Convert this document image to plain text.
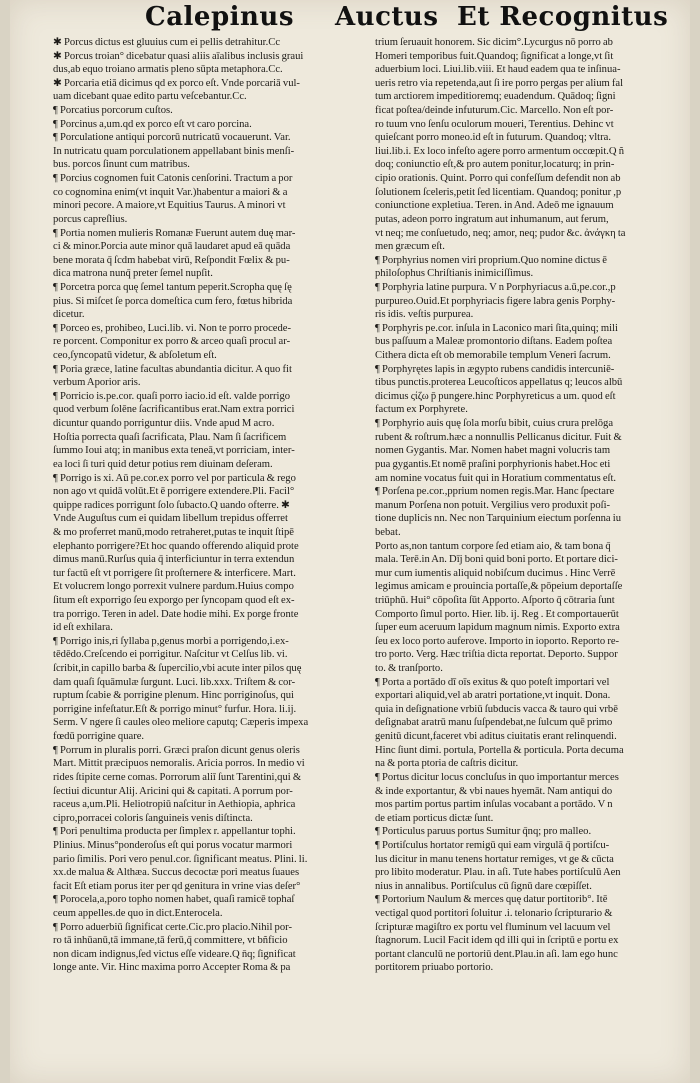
Calepinus Auctus Et Recognitus
✱ Porcus dictus est gluuius cum ei pellis detrahitur.Cc
✱ Porcus troian° dicebatur quasi aliis aīalibus inclusis graui
dus,ab equo troiano armatis pleno sūpta metaphora.Cc.
✱ Porcaria etiā dicimus qd ex porco eſt. Vnde porcariā vul-
uam dicebant quae edito partu veſcebantur.Cc.
¶ Porcatius porcorum cuſtos.
¶ Porcinus a,um.qd ex porco eſt vt caro porcina.
¶ Porculatione antiqui porcorū nutricatū vocauerunt. Var.
In nutricatu quam porculationem appellabant binis menſi-
bus. porcos ſinunt cum matribus.
¶ Porcius cognomen fuit Catonis cenſorini. Tractum a por
co cognomina enim(vt inquit Var.)habentur a maiori & a
minori pecore. A maiore,vt Equitius Taurus. A minori vt
porcus capreſlius.
¶ Portia nomen mulieris Romanæ Fuerunt autem duę mar-
ci & minor.Porcia aute minor quā laudaret apud eā quāda
bene morata q̄ ſcdm habebat virū, Reſpondit Fœlix & pu-
dica matrona nunq̄ preter ſemel nupſit.
¶ Porcetra porca quę ſemel tantum peperit.Scropha quę ſę
pius. Si miſcet ſe porca domeſtica cum fero, fœtus hibrida
dicetur.
¶ Porceo es, prohibeo, Luci.lib. vi. Non te porro procede-
re porcent. Componitur ex porro & arceo quaſi procul ar-
ceo,ſyncopatū videtur, & abſoletum eſt.
¶ Poria græce, latine facultas abundantia dicitur. A quo fit
verbum Aporior aris.
¶ Porricio is.pe.cor. quaſi porro iacio.id eſt. valde porrigo
quod verbum ſolēne ſacrificantibus erat.Nam extra porrici
dicuntur quando porriguntur diis. Vnde apud M acro.
Hoſtia porrecta quaſi ſacrificata, Plau. Nam ſi ſacrificem
ſummo Ioui atq; in manibus exta teneā,vt porriciam, inter-
ea loci ſi turi quid detur potius rem diuinam deſeram.
¶ Porrigo is xi. Aū pe.cor.ex porro vel por particula & rego
non ago vt quidā volūt.Et ē porrigere extendere.Pli. Facil°
quippe radices porrigunt ſolo ſubacto.Q uando ofterre. ✱
Vnde Auguſtus cum ei quidam libellum trepidus offerret
& mo proferret manū,modo retraheret,putas te inquit ſtipē
elephanto porrigere?Et hoc quando offerendo aliquid prote
dimus manū.Rurſus quia q̄ interficiuntur in terra extendun
tur factū eſt vt porrigere ſit proſternere & interficere. Mart.
Et volucrem longo porrexit vulnere pardum.Huius compo
ſitum eſt exporrigo ſeu exporgo per ſyncopam quod eſt ex-
tra porrigo. Teren in adel. Date hodie mihi. Ex porge fronte
id eſt exhilara.
¶ Porrigo inis,ri ſyllaba p,genus morbi a porrigendo,i.ex-
tēdēdo.Creſcendo ei porrigitur. Naſcitur vt Celſus lib. vi.
ſcribit,in capillo barba & ſupercilio,vbi acute inter pilos quę
dam quaſi ſquāmulæ ſurgunt. Luci. lib.xxx. Triſtem & cor-
ruptum ſcabie & porrigine plenum. Hinc porriginoſus, qui
porrigine infeſtatur.Eſt & porrigo minut° furfur. Hora. li.ij.
Serm. V ngere ſi caules oleo meliore caputq; Cæperis impexa
fœdū porrigine quare.
¶ Porrum in pluralis porri. Græci praſon dicunt genus oleris
Mart. Mittit præcipuos nemoralis. Aricia porros. In medio vi
rides ſtipite cerne comas. Porrorum aliī ſunt Tarentini,qui &
ſectiui dicuntur Alij. Aricini qui & capitati. A porrum por-
raceus a,um.Pli. Heliotropiū naſcitur in Aethiopia, aphrica
cipro,porracei coloris ſanguineis venis diſtincta.
¶ Pori penultima producta per ſimplex r. appellantur tophi.
Plinius. Minus°ponderoſus eſt qui porus vocatur marmori
pario ſimilis. Pori vero penul.cor. ſignificant meatus. Plini. li.
xx.de malua & Althæa. Succus decoctæ pori meatus ſuaues
facit Eſt etiam porus iter per qd genitura in vrine vias deſer°
¶ Porocela,a,poro topho nomen habet, quaſi ramicē tophaſ
ceum appelles.de quo in dict.Enterocela.
¶ Porro aduerbiū ſignificat certe.Cic.pro placio.Nihil por-
ro tā inhūanū,tā immane,tā ferū,q̄ committere, vt bñficio
non dicam indignus,ſed victus eſſe videare.Q n̄q; ſignificat
longe ante. Vir. Hinc maxima porro Accepter Roma & pa
trium ſeruauit honorem. Sic dicim°.Lycurgus nō porro ab
Homeri temporibus fuit.Quandoq; ſignificat a longe,vt ſit
aduerbium loci. Liui.lib.viii. Et haud eadem qua te inſinua-
ueris retro via repetenda,aut ſi ire porro pergas per alium fal
tum arctiorem impeditioremq; euadendum. Quādoq; ſigni
ficat poſtea/deinde infuturum.Cic. Marcello. Non eſt por-
ro tuum vno ſenſu oculorum moueri, Terentius. Dehinc vt
quieſcant porro moneo.id eſt in futurum. Quandoq; vltra.
liui.lib.i. Ex loco infeſto agere porro armentum occœpit.Q ñ
doq; coniunctio eſt,& pro autem ponitur,locaturq; in prin-
cipio orationis. Quint. Porro qui confeſſum defendit non ab
ſolutionem ſceleris,petit ſed licentiam. Quandoq; ponitur ,p
coniunctione expletiua. Teren. in And. Adeō me ignauum
putas, adeon porro ingratum aut inhumanum, aut ferum,
vt neq; me conſuetudo, neq; amor, neq; pudor &c. ἀνάγκη ta
men græcum eſt.
¶ Porphyrius nomen viri proprium.Quo nomine dictus ē
philoſophus Chriſtianis inimiciſſimus.
¶ Porphyria latine purpura. V n Porphyriacus a.ū,pe.cor.,p
purpureo.Ouid.Et porphyriacis figere labra genis Porphy-
ris idis. veſtis purpurea.
¶ Porphyris pe.cor. inſula in Laconico mari ſita,quinq; mili
bus paſſuum a Maleæ promontorio diſtans. Eadem poſtea
Cithera dicta eſt ob memorabile templum Veneri ſacrum.
¶ Porphyrętes lapis in ægypto rubens candidis intercuniē-
tibus punctis.proterea Leucoſticos appellatus q; leucos albū
dicimus ςίζω p̄ pungere.hinc Porphyreticus a um. quod eſt
factum ex Porphyrete.
¶ Porphyrio auis quę ſola morſu bibit, cuius crura prelōga
rubent & roſtrum.hæc a nonnullis Pellicanus dicitur. Fuit &
nomen Gygantis. Mar. Nomen habet magni volucris tam
pua gygantis.Et nomē praſini porphyrionis habet.Hoc eti
am nomine vocatus fuit qui in Horatium commentatus eſt.
¶ Porſena pe.cor.,pprium nomen regis.Mar. Hanc ſpectare
manum Porſena non potuit. Vergilius vero produxit poſi-
tione duplicis nn. Nec non Tarquinium eiectum porſenna iu
bebat.
Porto as,non tantum corpore ſed etiam aio, & tam bona q̄
mala. Terē.in An. Dīj boni quid boni porto. Et portare dici-
mur cum iumentis aliquid nobiſcum ducimus . Hinc Verrē
legimus amicam e prouincia portaſſe,& pōpeium deportaſſe
triūphū. Hui° cōpoſita ſūt Apporto. Aſporto q̄ cōtraria ſunt
Comporto ſimul porto. Hier. lib. ij. Reg . Et comportauerūt
ſuper eum aceruum lapidum magnum nimis. Exporto extra
ſeu ex loco porto auferove. Importo in ioporto. Reporto re-
tro porto. Verg. Hæc triſtia dicta reportat. Deporto. Suppor
to. & tranſporto.
¶ Porta a portādo dī oīs exitus & quo poteſt importari vel
exportari aliquid,vel ab aratri portatione,vt inquit. Dona.
quia in deſignatione vrbiū ſubducis vacca & tauro qui vrbē
deſignabat aratrū manu ſuſpendebat,ne ſulcum quē primo
genitū dicunt,faceret vbi aditus ciuitatis erant relinquendi.
Hinc ſiunt dimi. portula, Portella & porticula. Porta decuma
na & porta ptoria de caſtris dicitur.
¶ Portus dicitur locus concluſus in quo importantur merces
& inde exportantur, & vbi naues hyemāt. Nam antiqui do
mos partim portus partim inſulas vocabant a portādo. V n
de etiam porticus dictæ ſunt.
¶ Porticulus paruus portus Sumitur q̄nq; pro malleo.
¶ Portiſculus hortator remigū qui eam virgulā q̄ portiſcu-
lus dicitur in manu tenens hortatur remiges, vt ge & cūcta
pro libito moderatur. Plau. in aſi. Tute habes portiſculū Aen
nius in annalibus. Portiſculus cū ſignū dare cœpiſſet.
¶ Portorium Naulum & merces quę datur portitorib°. Itē
vectigal quod portitori ſoluitur .i. telonario ſcripturario &
ſcripturæ magiſtro ex portu vel fluminum vel lacuum vel
ſtagnorum. Lucil Facit idem qd illi qui in ſcriptū e portu ex
portant clanculū ne portoriū dent.Plau.in aſi. lam ego hunc
portitorem priuabo portorio.
